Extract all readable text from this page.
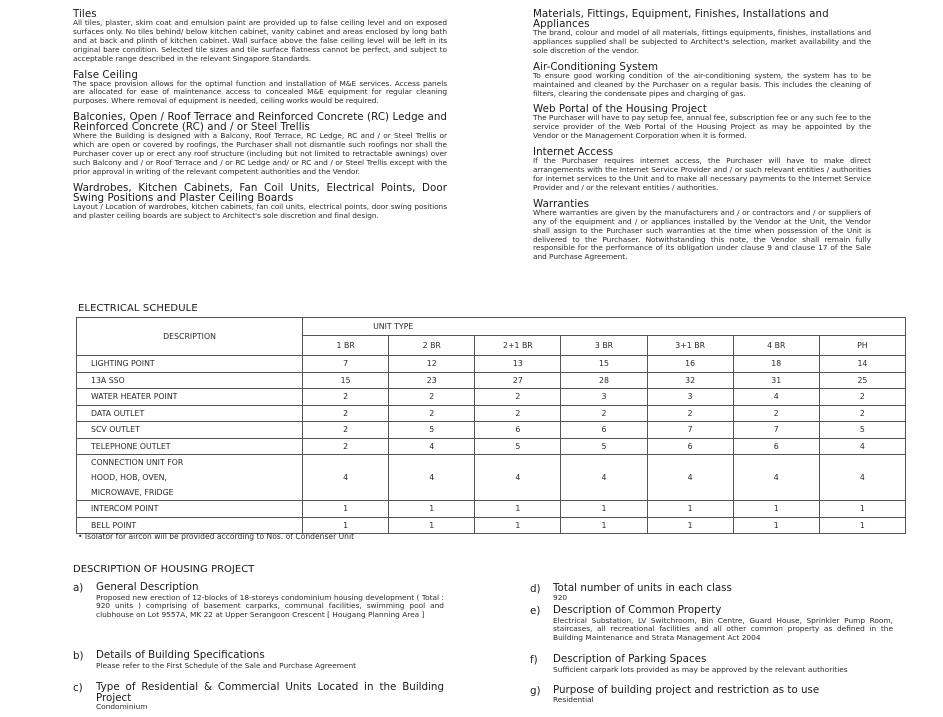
Tiles
All tiles, plaster, skim coat and emulsion paint are provided up to false ceiling level and on exposed surfaces only. No tiles behind/ below kitchen cabinet, vanity cabinet and areas enclosed by long bath and at back and plinth of kitchen cabinet. Wall surface above the false ceiling level will be left in its original bare condition. Selected tile sizes and tile surface flatness cannot be perfect, and subject to acceptable range described in the relevant Singapore Standards.
False Ceiling
The space provision allows for the optimal function and installation of M&E services. Access panels are allocated for ease of maintenance access to concealed M&E equipment for regular cleaning purposes. Where removal of equipment is needed, ceiling works would be required.
Balconies, Open / Roof Terrace and Reinforced Concrete (RC) Ledge and Reinforced Concrete (RC) and / or Steel Trellis
Where the Building is designed with a Balcony, Roof Terrace, RC Ledge, RC and / or Steel Trellis or which are open or covered by roofings, the Purchaser shall not dismantle such roofings nor shall the Purchaser cover up or erect any roof structure (including but not limited to retractable awnings) over such Balcony and / or Roof Terrace and / or RC Ledge and/ or RC and / or Steel Trellis except with the prior approval in writing of the relevant competent authorities and the Vendor.
Wardrobes, Kitchen Cabinets, Fan Coil Units, Electrical Points, Door Swing Positions and Plaster Ceiling Boards
Layout / Location of wardrobes, kitchen cabinets, fan coil units, electrical points, door swing positions and plaster ceiling boards are subject to Architect's sole discretion and final design.
Materials, Fittings, Equipment, Finishes, Installations and Appliances
The brand, colour and model of all materials, fittings equipments, finishes, installations and appliances supplied shall be subjected to Architect's selection, market availability and the sole discretion of the vendor.
Air-Conditioning System
To ensure good working condition of the air-conditioning system, the system has to be maintained and cleaned by the Purchaser on a regular basis. This includes the cleaning of filters, clearing the condensate pipes and charging of gas.
Web Portal of the Housing Project
The Purchaser will have to pay setup fee, annual fee, subscription fee or any such fee to the service provider of the Web Portal of the Housing Project as may be appointed by the Vendor or the Management Corporation when it is formed.
Internet Access
If the Purchaser requires internet access, the Purchaser will have to make direct arrangements with the Internet Service Provider and / or such relevant entities / authorities for internet services to the Unit and to make all necessary payments to the Internet Service Provider and / or the relevant entities / authorities.
Warranties
Where warranties are given by the manufacturers and / or contractors and / or suppliers of any of the equipment and / or appliances installed by the Vendor at the Unit, the Vendor shall assign to the Purchaser such warranties at the time when possession of the Unit is delivered to the Purchaser. Notwithstanding this note, the Vendor shall remain fully responsible for the performance of its obligation under clause 9 and clause 17 of the Sale and Purchase Agreement.
ELECTRICAL SCHEDULE
DESCRIPTION	UNIT TYPE						
	1 BR	2 BR	2+1 BR	3 BR	3+1 BR	4 BR	PH

LIGHTING POINT	7	12	13	15	16	18	14

13A SSO	15	23	27	28	32	31	25

WATER HEATER POINT	2	2	2	3	3	4	2

DATA OUTLET	2	2	2	2	2	2	2

SCV OUTLET	2	5	6	6	7	7	5

TELEPHONE OUTLET	2	4	5	5	6	6	4

CONNECTION UNIT FOR
HOOD, HOB, OVEN,
MICROWAVE, FRIDGE	4	4	4	4	4	4	4

INTERCOM POINT	1	1	1	1	1	1	1

BELL POINT	1	1	1	1	1	1	1
• Isolator for aircon will be provided according to Nos. of Condenser Unit
DESCRIPTION OF HOUSING PROJECT
a) General Description
Proposed new erection of 12-blocks of 18-storeys condominium housing development ( Total : 920 units ) comprising of basement carparks, communal facilities, swimming pool and clubhouse on Lot 9557A, MK 22 at Upper Serangoon Crescent [ Hougang Planning Area ]
b) Details of Building Specifications
Please refer to the First Schedule of the Sale and Purchase Agreement
c) Type of Residential & Commercial Units Located in the Building Project
Condominium
d) Total number of units in each class
920
e) Description of Common Property
Electrical Substation, LV Switchroom, Bin Centre, Guard House, Sprinkler Pump Room, staircases, all recreational facilities and all other common property as defined in the Building Maintenance and Strata Management Act 2004
f) Description of Parking Spaces
Sufficient carpark lots provided as may be approved by the relevant authorities
g) Purpose of building project and restriction as to use
Residential
